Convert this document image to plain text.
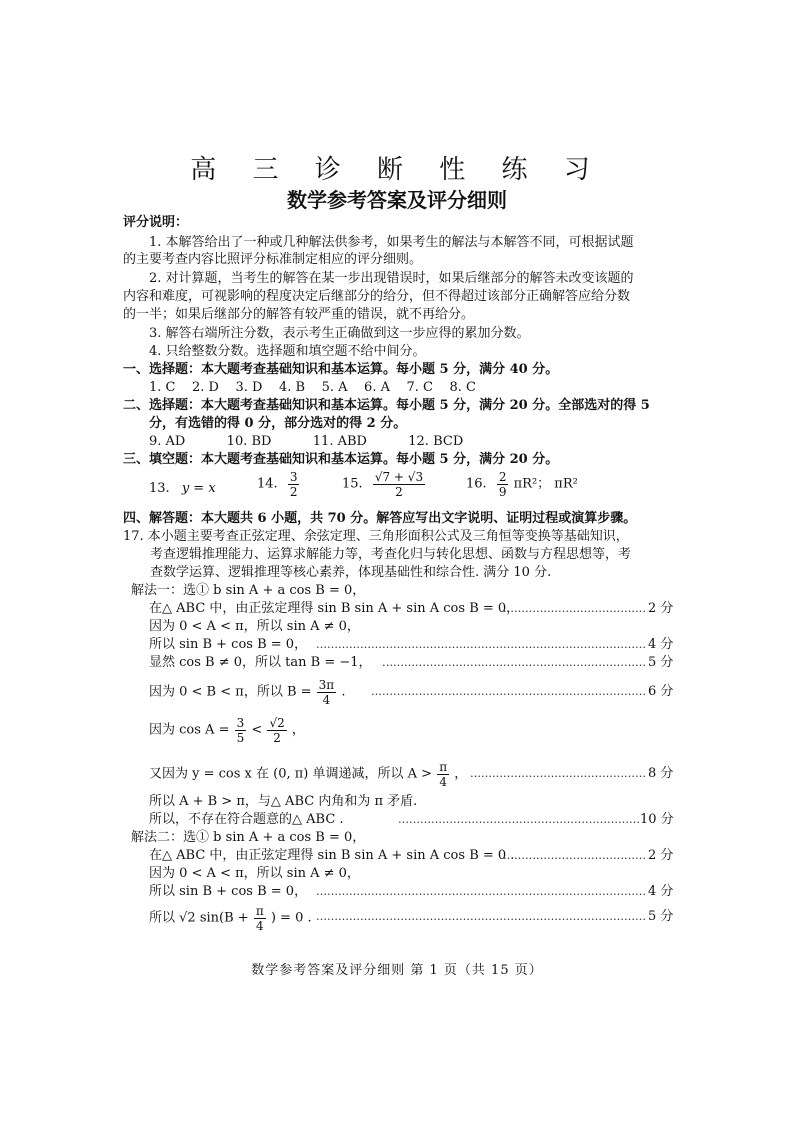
高 三 诊 断 性 练 习
数学参考答案及评分细则
评分说明：
1. 本解答给出了一种或几种解法供参考，如果考生的解法与本解答不同，可根据试题
的主要考查内容比照评分标准制定相应的评分细则。
2. 对计算题，当考生的解答在某一步出现错误时，如果后继部分的解答未改变该题的
内容和难度，可视影响的程度决定后继部分的给分，但不得超过该部分正确解答应给分数
的一半；如果后继部分的解答有较严重的错误，就不再给分。
3. 解答右端所注分数，表示考生正确做到这一步应得的累加分数。
4. 只给整数分数。选择题和填空题不给中间分。
一、选择题：本大题考查基础知识和基本运算。每小题 5 分，满分 40 分。
1. C    2. D    3. D    4. B    5. A    6. A    7. C    8. C
二、选择题：本大题考查基础知识和基本运算。每小题 5 分，满分 20 分。全部选对的得 5
分，有选错的得 0 分，部分选对的得 2 分。
9. AD          10. BD          11. ABD          12. BCD
三、填空题：本大题考查基础知识和基本运算。每小题 5 分，满分 20 分。
13. y = x	14. $\frac{3}{2}$	15. $\frac{√7 + √3}{2}$	16. $\frac{2}{9} \pi R^2$； πR²
四、解答题：本大题共 6 小题，共 70 分。解答应写出文字说明、证明过程或演算步骤。
17. 本小题主要考查正弦定理、余弦定理、三角形面积公式及三角恒等变换等基础知识，
考查逻辑推理能力、运算求解能力等，考查化归与转化思想、函数与方程思想等，考
查数学运算、逻辑推理等核心素养，体现基础性和综合性. 满分 10 分.
解法一：选① b sin A + a cos B = 0，
在△ ABC 中，由正弦定理得 sin B sin A + sin A cos B = 0，
………………………………… 2 分
因为 0 < A < π，所以 sin A ≠ 0，
所以 sin B + cos B = 0， ……………………………………………………………………………… 4 分
显然 cos B ≠ 0，所以 tan B = −1， ……………………………………………………………… 5 分
因为 0 < B < π，所以 $B = \frac{3\pi}{4}$ .	………………………………………………………………… 6 分
因为 $\cos A = \frac{3}{5} < \frac{√2}{2}$ ，
又因为 y = cos x 在 (0, π) 单调递减，所以 $A > \frac{\pi}{4}$ ， ………………………………………… 8 分
所以 A + B > π，与△ ABC 内角和为 π 矛盾.
所以，不存在符合题意的△ ABC .	………………………………………………………… 10 分
解法二：选① b sin A + a cos B = 0，
在△ ABC 中，由正弦定理得 sin B sin A + sin A cos B = 0 .
………………………………… 2 分
因为 0 < A < π，所以 sin A ≠ 0，
所以 sin B + cos B = 0， ……………………………………………………………………………… 4 分
所以 √2 $\sin(B + \frac{\pi}{4}$ ) = 0 . ……………………………………………………………………………… 5 分
数学参考答案及评分细则 第 1 页（共 15 页）
